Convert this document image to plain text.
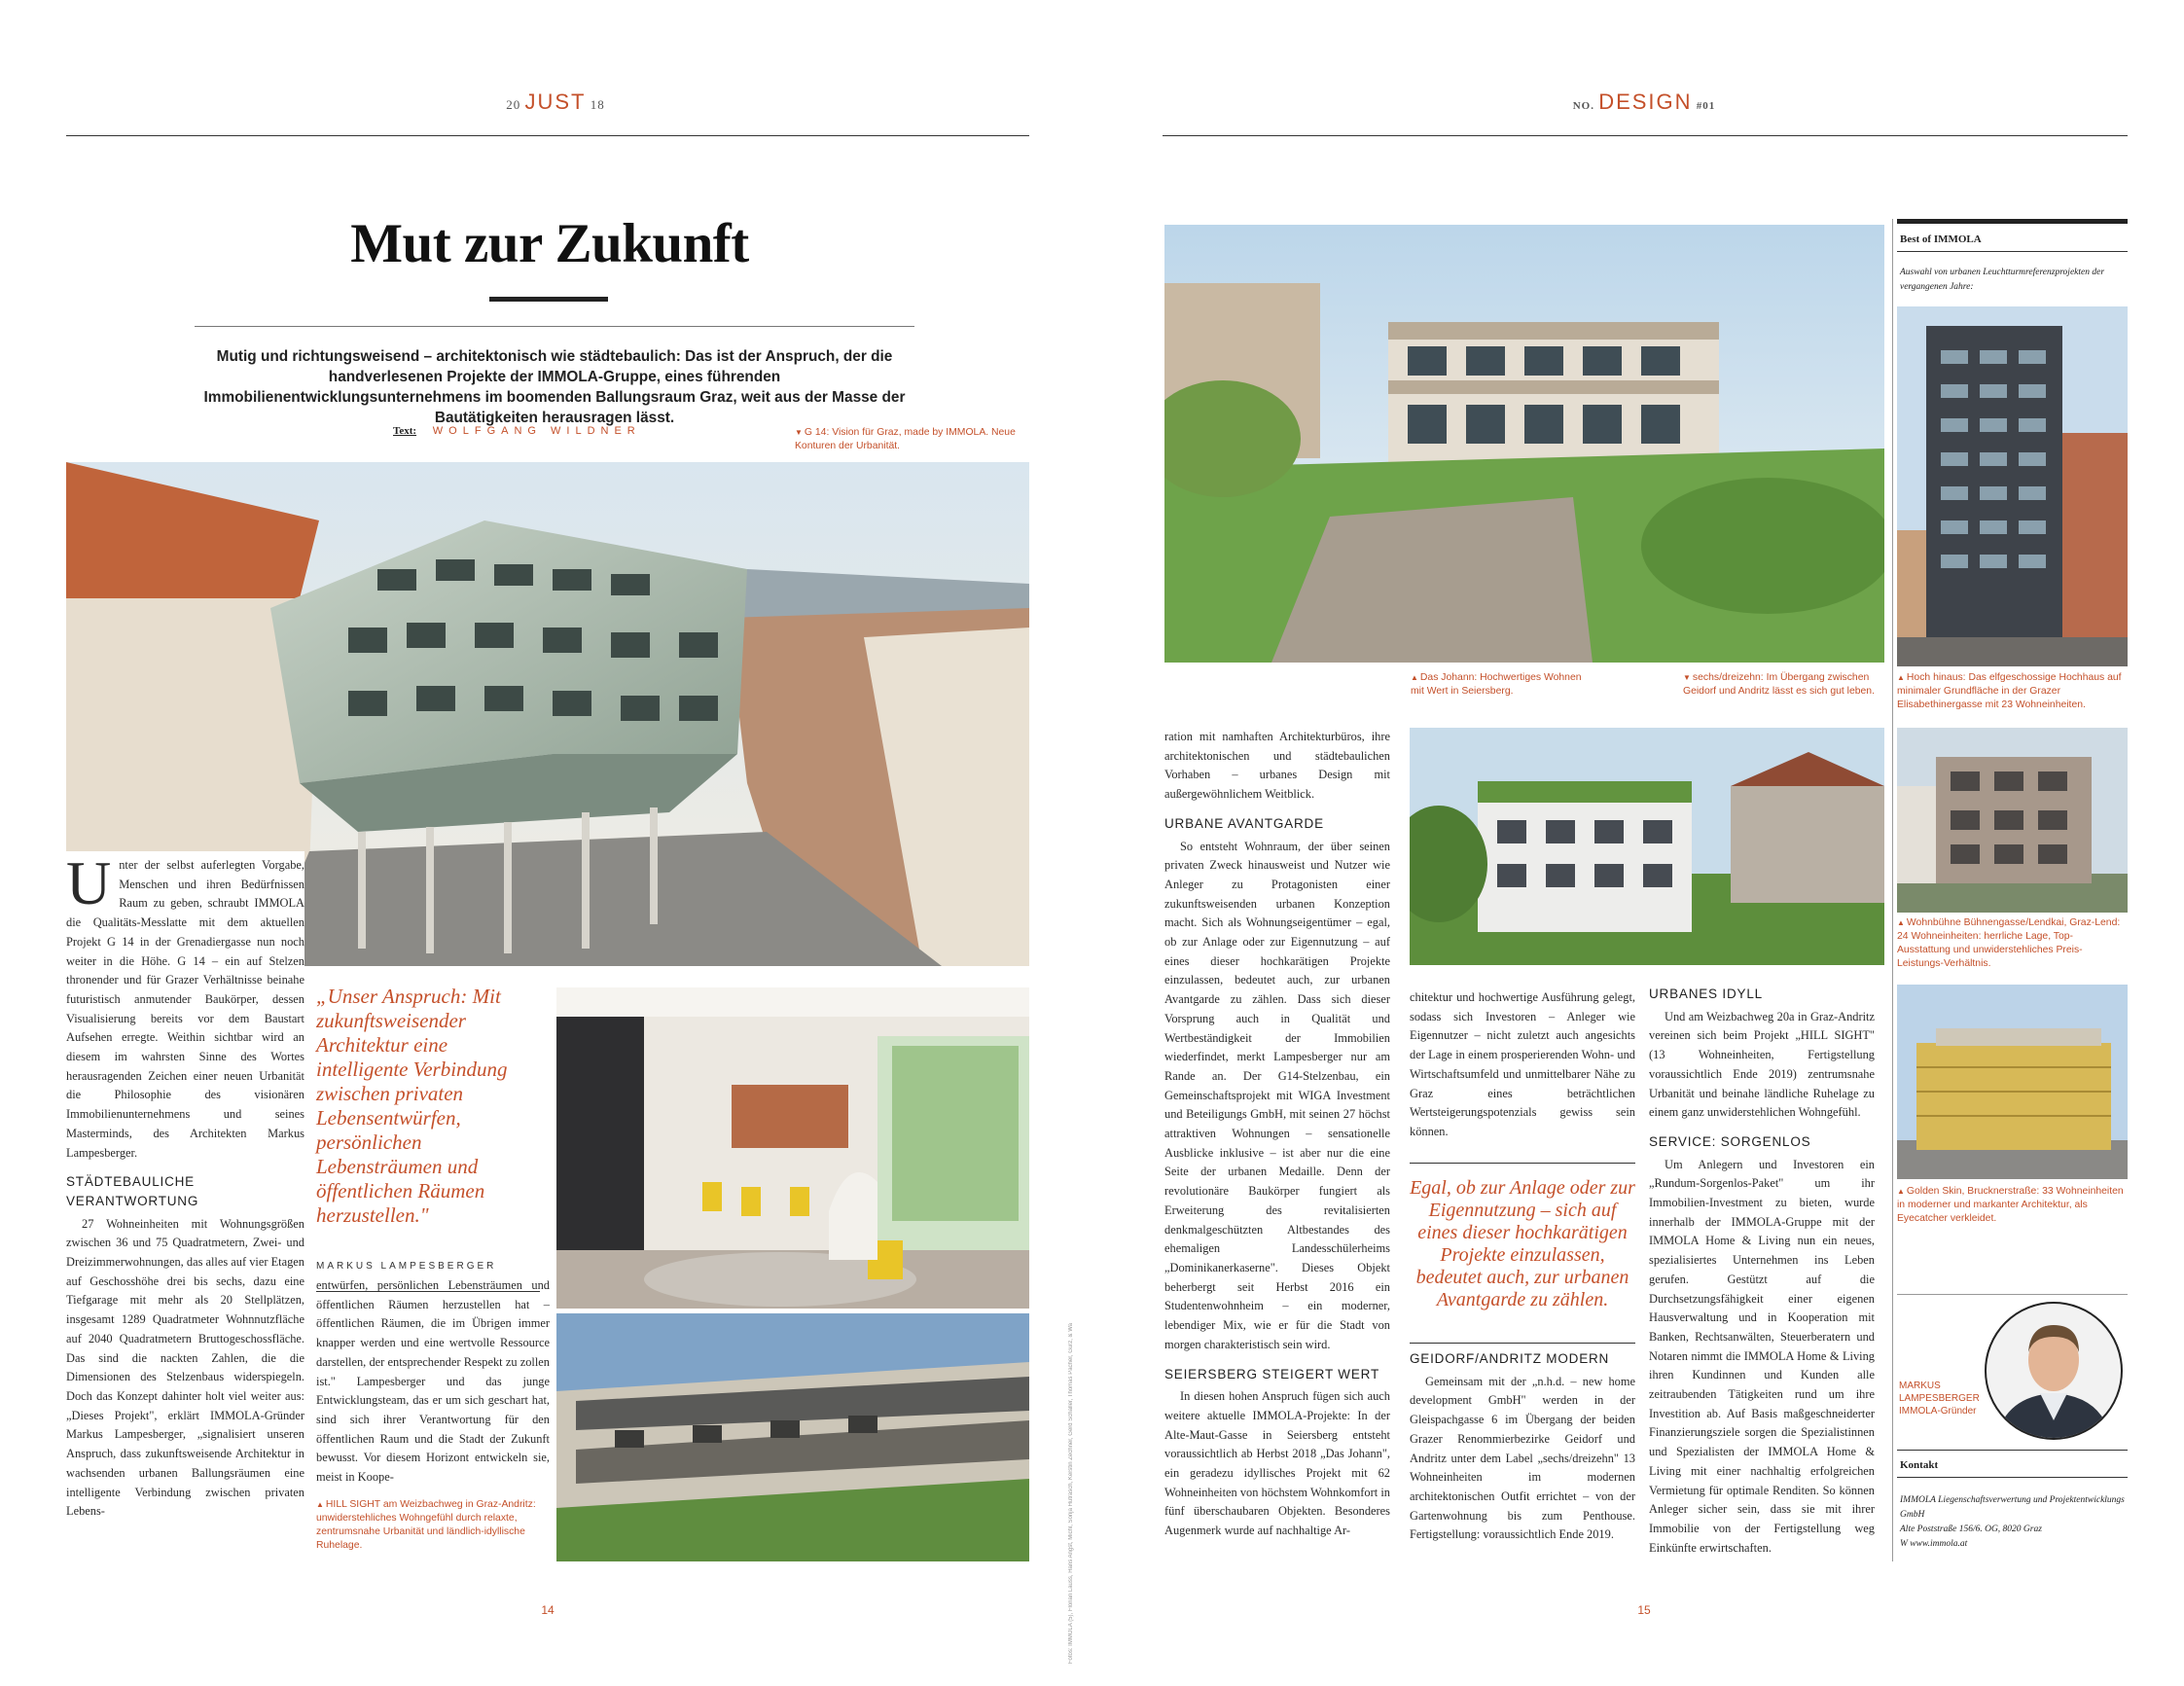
20 JUST 18
Mut zur Zukunft
Mutig und richtungsweisend – architektonisch wie städtebaulich: Das ist der Anspruch, der die handverlesenen Projekte der IMMOLA-Gruppe, eines führenden Immobilienentwicklungsunternehmens im boomenden Ballungsraum Graz, weit aus der Masse der Bautätigkeiten herausragen lässt.
Text: WOLFGANG WILDNER	▼ G 14: Vision für Graz, made by IMMOLA. Neue Konturen der Urbanität.
U nter der selbst auferlegten Vorgabe, Menschen und ihren Bedürfnissen Raum zu geben, schraubt IMMOLA die Qualitäts-Messlatte mit dem aktuellen Projekt G 14 in der Grenadiergasse nun noch weiter in die Höhe. G 14 – ein auf Stelzen thronender und für Grazer Verhältnisse beinahe futuristisch anmutender Baukörper, dessen Visualisierung bereits vor dem Baustart Aufsehen erregte. Weithin sichtbar wird an diesem im wahrsten Sinne des Wortes herausragenden Zeichen einer neuen Urbanität die Philosophie des visionären Immobilienunternehmens und seines Masterminds, des Architekten Markus Lampesberger.
STÄDTEBAULICHE VERANTWORTUNG

27 Wohneinheiten mit Wohnungsgrößen zwischen 36 und 75 Quadratmetern, Zwei- und Dreizimmerwohnungen, das alles auf vier Etagen auf Geschosshöhe drei bis sechs, dazu eine Tiefgarage mit mehr als 20 Stellplätzen, insgesamt 1289 Quadratmeter Wohnnutzfläche auf 2040 Quadratmetern Bruttogeschossfläche. Das sind die nackten Zahlen, die die Dimensionen des Stelzenbaus widerspiegeln. Doch das Konzept dahinter holt viel weiter aus: „Dieses Projekt", erklärt IMMOLA-Gründer Markus Lampesberger, „signalisiert unseren Anspruch, dass zukunftsweisende Architektur in wachsenden urbanen Ballungsräumen eine intelligente Verbindung zwischen privaten Lebens-

„Unser Anspruch: Mit zukunftsweisender Architektur eine intelligente Verbindung zwischen privaten Lebensentwürfen, persönlichen Lebensträumen und öffentlichen Räumen herzustellen."
MARKUS LAMPESBERGER

entwürfen, persönlichen Lebensträumen und öffentlichen Räumen herzustellen hat – öffentlichen Räumen, die im Übrigen immer knapper werden und eine wertvolle Ressource darstellen, der entsprechender Respekt zu zollen ist." Lampesberger und das junge Entwicklungsteam, das er um sich geschart hat, sind sich ihrer Verantwortung für den öffentlichen Raum und die Stadt der Zukunft bewusst. Vor diesem Horizont entwickeln sie, meist in Koope-

▲ HILL SIGHT am Weizbachweg in Graz-Andritz: unwiderstehliches Wohngefühl durch relaxte, zentrumsnahe Urbanität und ländlich-idyllische Ruhelage.	Fotos: IMMOLA (5), Florian Lauss, Hans Angst, Michl, Sonja Hutrasch, Kerstin Zechner, Gerd Schaller, Thomas Pacher, Gurz, & Wa
14
NO. DESIGN #01
▲ Das Johann: Hochwertiges Wohnen mit Wert in Seiersberg.
▼ sechs/dreizehn: Im Übergang zwischen Geidorf und Andritz lässt es sich gut leben.

ration mit namhaften Architekturbüros, ihre architektonischen und städtebaulichen Vorhaben – urbanes Design mit außergewöhnlichem Weitblick.

URBANE AVANTGARDE

So entsteht Wohnraum, der über seinen privaten Zweck hinausweist und Nutzer wie Anleger zu Protagonisten einer zukunftsweisenden urbanen Konzeption macht. Sich als Wohnungseigentümer – egal, ob zur Anlage oder zur Eigennutzung – auf eines dieser hochkarätigen Projekte einzulassen, bedeutet auch, zur urbanen Avantgarde zu zählen. Dass sich dieser Vorsprung auch in Qualität und Wertbeständigkeit der Immobilien wiederfindet, merkt Lampesberger nur am Rande an. Der G14-Stelzenbau, ein Gemeinschaftsprojekt mit WIGA Investment und Beteiligungs GmbH, mit seinen 27 höchst attraktiven Wohnungen – sensationelle Ausblicke inklusive – ist aber nur die eine Seite der urbanen Medaille. Denn der revolutionäre Baukörper fungiert als Erweiterung des revitalisierten denkmalgeschützten Altbestandes des ehemaligen Landesschülerheims „Dominikanerkaserne". Dieses Objekt beherbergt seit Herbst 2016 ein Studentenwohnheim – ein moderner, lebendiger Mix, wie er für die Stadt von morgen charakteristisch sein wird.

SEIERSBERG STEIGERT WERT

In diesen hohen Anspruch fügen sich auch weitere aktuelle IMMOLA-Projekte: In der Alte-Maut-Gasse in Seiersberg entsteht voraussichtlich ab Herbst 2018 „Das Johann", ein geradezu idyllisches Projekt mit 62 Wohneinheiten von höchstem Wohnkomfort in fünf überschaubaren Objekten. Besonderes Augenmerk wurde auf nachhaltige Ar-

chitektur und hochwertige Ausführung gelegt, sodass sich Investoren – Anleger wie Eigennutzer – nicht zuletzt auch angesichts der Lage in einem prosperierenden Wohn- und Wirtschaftsumfeld und unmittelbarer Nähe zu Graz eines beträchtlichen Wertsteigerungspotenzials gewiss sein können.

Egal, ob zur Anlage oder zur Eigennutzung – sich auf eines dieser hochkarätigen Projekte einzulassen, bedeutet auch, zur urbanen Avantgarde zu zählen.
GEIDORF/ANDRITZ MODERN

Gemeinsam mit der „n.h.d. – new home development GmbH" werden in der Gleispachgasse 6 im Übergang der beiden Grazer Renommierbezirke Geidorf und Andritz unter dem Label „sechs/dreizehn" 13 Wohneinheiten im modernen architektonischen Outfit errichtet – von der Gartenwohnung bis zum Penthouse. Fertigstellung: voraussichtlich Ende 2019.

URBANES IDYLL

Und am Weizbachweg 20a in Graz-Andritz vereinen sich beim Projekt „HILL SIGHT" (13 Wohneinheiten, Fertigstellung voraussichtlich Ende 2019) zentrumsnahe Urbanität und beinahe ländliche Ruhelage zu einem ganz unwiderstehlichen Wohngefühl.

SERVICE: SORGENLOS

Um Anlegern und Investoren ein „Rundum-Sorgenlos-Paket" um ihr Immobilien-Investment zu bieten, wurde innerhalb der IMMOLA-Gruppe mit der IMMOLA Home & Living nun ein neues, spezialisiertes Unternehmen ins Leben gerufen. Gestützt auf die Durchsetzungsfähigkeit einer eigenen Hausverwaltung und in Kooperation mit Banken, Rechtsanwälten, Steuerberatern und Notaren nimmt die IMMOLA Home & Living ihren Kundinnen und Kunden alle zeitraubenden Tätigkeiten rund um ihre Investition ab. Auf Basis maßgeschneiderter Finanzierungsziele sorgen die Spezialistinnen und Spezialisten der IMMOLA Home & Living mit einer nachhaltig erfolgreichen Vermietung für optimale Renditen. So können Anleger sicher sein, dass sie mit ihrer Immobilie von der Fertigstellung weg Einkünfte erwirtschaften.

Best of IMMOLA
Auswahl von urbanen Leuchtturmreferenzprojekten der vergangenen Jahre:
▲ Hoch hinaus: Das elfgeschossige Hochhaus auf minimaler Grundfläche in der Grazer Elisabethinergasse mit 23 Wohneinheiten.
▲ Wohnbühne Bühnengasse/Lendkai, Graz-Lend: 24 Wohneinheiten: herrliche Lage, Top-Ausstattung und unwiderstehliches Preis-Leistungs-Verhältnis.
▲ Golden Skin, Brucknerstraße: 33 Wohneinheiten in moderner und markanter Architektur, als Eyecatcher verkleidet.
MARKUS LAMPESBERGER
IMMOLA-Gründer
Kontakt
IMMOLA Liegenschaftsverwertung und Projektentwicklungs GmbH
Alte Poststraße 156/6. OG, 8020 Graz
W www.immola.at
15
